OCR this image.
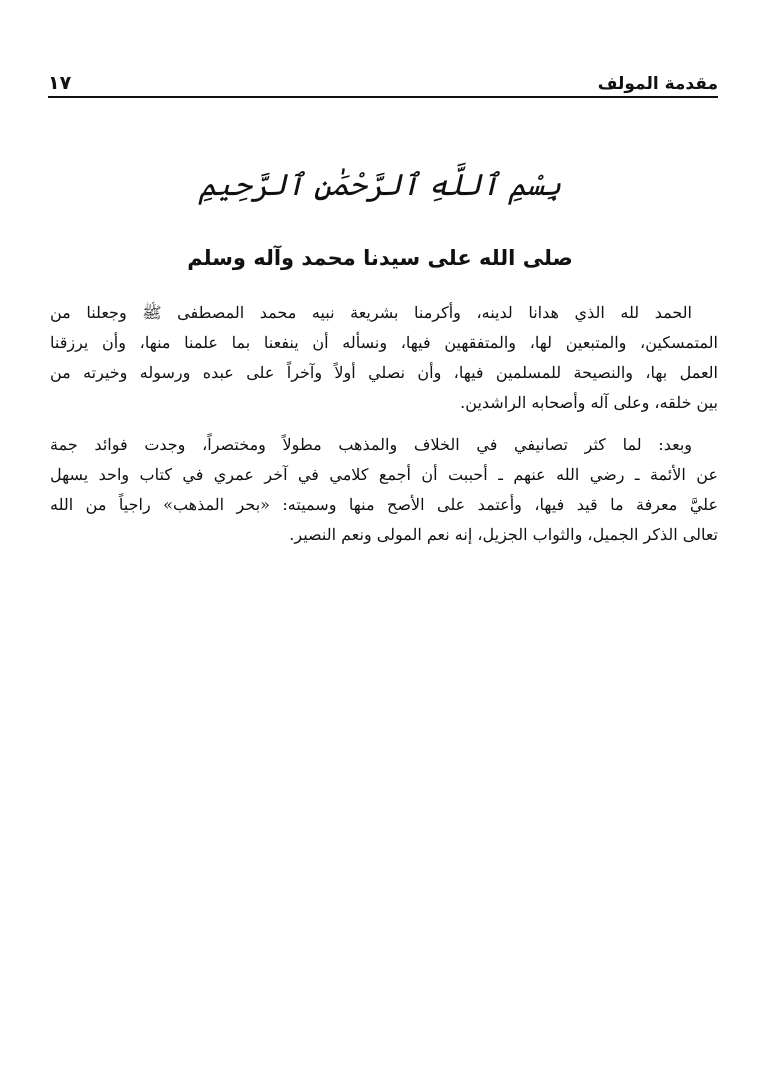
مقدمة المولف
١٧
بِسْمِ ٱللَّهِ ٱلرَّحْمَٰنِ ٱلرَّحِيمِ
صلى الله على سيدنا محمد وآله وسلم
الحمد لله الذي هدانا لدينه، وأكرمنا بشريعة نبيه محمد المصطفى ﷺ وجعلنا من
المتمسكين، والمتبعين لها، والمتفقهين فيها، ونسأله أن ينفعنا بما علمنا منها، وأن يرزقنا
العمل بها، والنصيحة للمسلمين فيها، وأن نصلي أولاً وآخراً على عبده ورسوله وخيرته من
بين خلقه، وعلى آله وأصحابه الراشدين.
وبعد: لما كثر تصانيفي في الخلاف والمذهب مطولاً ومختصراً، وجدت فوائد جمة
عن الأئمة ـ رضي الله عنهم ـ أحببت أن أجمع كلامي في آخر عمري في كتاب واحد يسهل
عليَّ معرفة ما قيد فيها، وأعتمد على الأصح منها وسميته: «بحر المذهب» راجياً من الله
تعالى الذكر الجميل، والثواب الجزيل، إنه نعم المولى ونعم النصير.
